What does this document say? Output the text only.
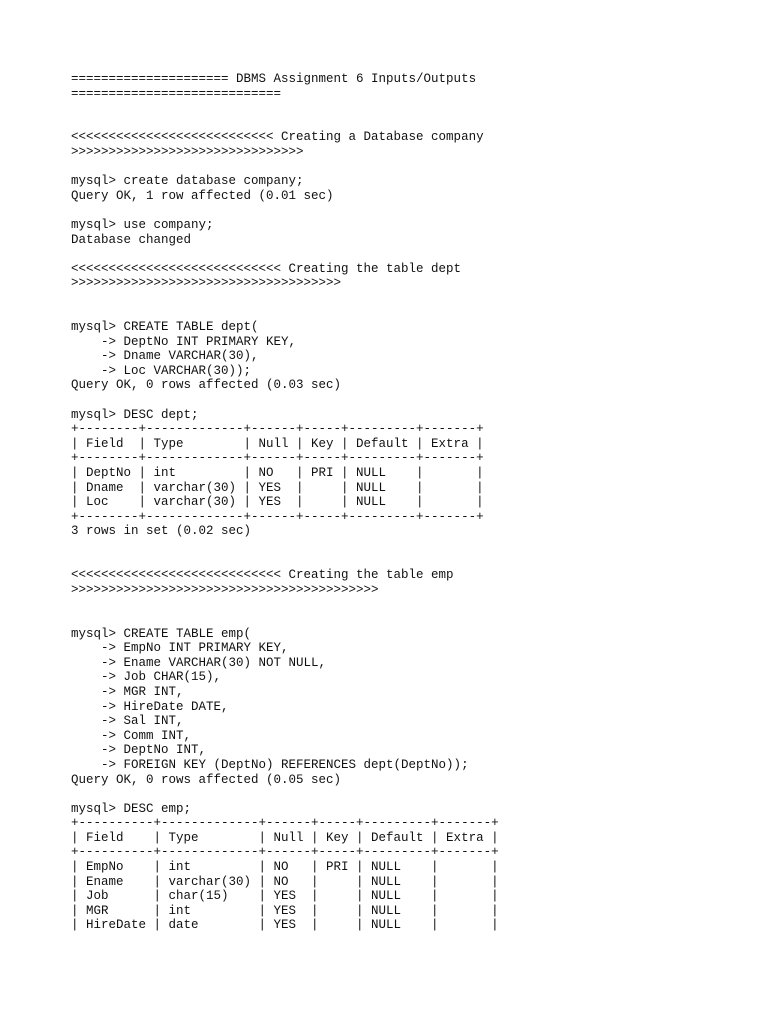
===================== DBMS Assignment 6 Inputs/Outputs
============================
<<<<<<<<<<<<<<<<<<<<<<<<<<< Creating a Database company
>>>>>>>>>>>>>>>>>>>>>>>>>>>>>>>
mysql> create database company;
Query OK, 1 row affected (0.01 sec)
mysql> use company;
Database changed
<<<<<<<<<<<<<<<<<<<<<<<<<<<< Creating the table dept
>>>>>>>>>>>>>>>>>>>>>>>>>>>>>>>>>>>>
mysql> CREATE TABLE dept(
-> DeptNo INT PRIMARY KEY,
-> Dname VARCHAR(30),
-> Loc VARCHAR(30));
Query OK, 0 rows affected (0.03 sec)
mysql> DESC dept;
+--------+-------------+------+-----+---------+-------+
| Field  | Type        | Null | Key | Default | Extra |
+--------+-------------+------+-----+---------+-------+
| DeptNo | int         | NO   | PRI | NULL    |       |
| Dname  | varchar(30) | YES  |     | NULL    |       |
| Loc    | varchar(30) | YES  |     | NULL    |       |
+--------+-------------+------+-----+---------+-------+
3 rows in set (0.02 sec)
<<<<<<<<<<<<<<<<<<<<<<<<<<<< Creating the table emp
>>>>>>>>>>>>>>>>>>>>>>>>>>>>>>>>>>>>>>>>>
mysql> CREATE TABLE emp(
-> EmpNo INT PRIMARY KEY,
-> Ename VARCHAR(30) NOT NULL,
-> Job CHAR(15),
-> MGR INT,
-> HireDate DATE,
-> Sal INT,
-> Comm INT,
-> DeptNo INT,
-> FOREIGN KEY (DeptNo) REFERENCES dept(DeptNo));
Query OK, 0 rows affected (0.05 sec)
mysql> DESC emp;
+----------+-------------+------+-----+---------+-------+
| Field    | Type        | Null | Key | Default | Extra |
+----------+-------------+------+-----+---------+-------+
| EmpNo    | int         | NO   | PRI | NULL    |       |
| Ename    | varchar(30) | NO   |     | NULL    |       |
| Job      | char(15)    | YES  |     | NULL    |       |
| MGR      | int         | YES  |     | NULL    |       |
| HireDate | date        | YES  |     | NULL    |       |
